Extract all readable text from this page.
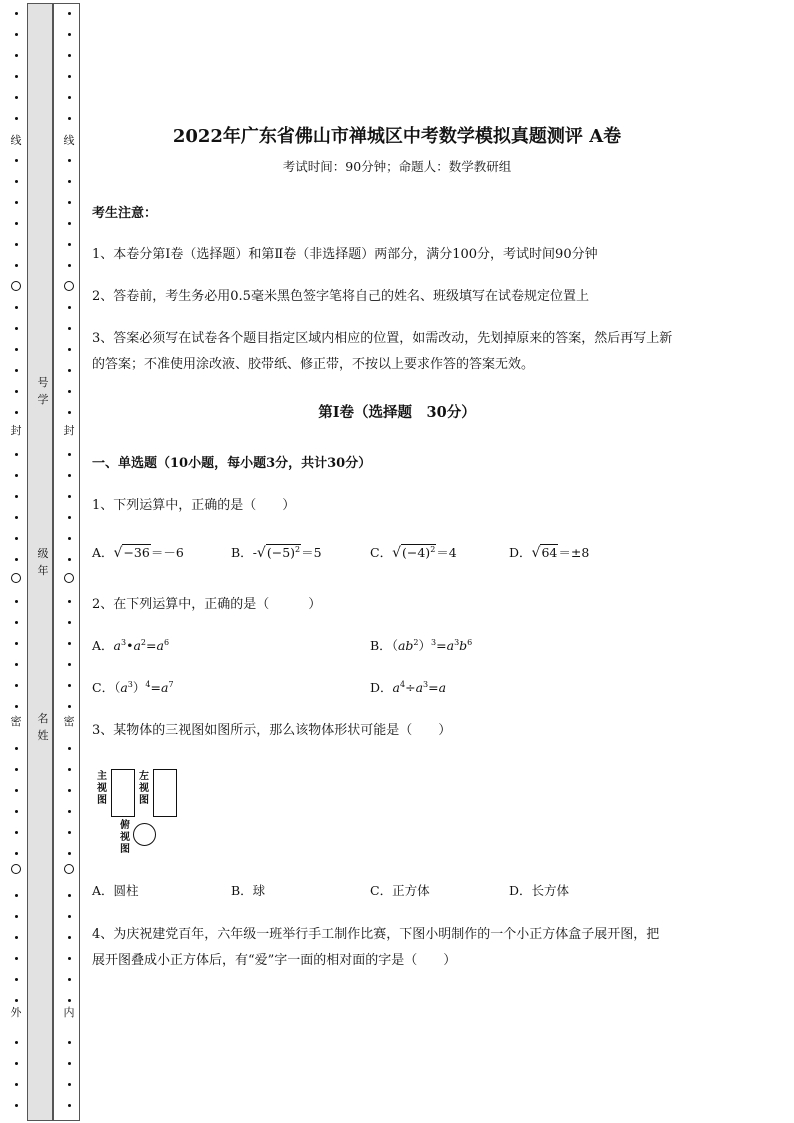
线
封
密
外
线
封
密
内
号
学
级
年
名
姓
2022年广东省佛山市禅城区中考数学模拟真题测评 A卷
考试时间：90分钟；命题人：数学教研组
考生注意：
1、本卷分第I卷（选择题）和第Ⅱ卷（非选择题）两部分，满分100分，考试时间90分钟
2、答卷前，考生务必用0.5毫米黑色签字笔将自己的姓名、班级填写在试卷规定位置上
3、答案必须写在试卷各个题目指定区域内相应的位置，如需改动，先划掉原来的答案，然后再写上新
的答案；不准使用涂改液、胶带纸、修正带，不按以上要求作答的答案无效。
第I卷（选择题　30分）
一、单选题（10小题，每小题3分，共计30分）
1、下列运算中，正确的是（　　）
A．√−36＝－6	B．$-√(-5)^2=5$	C．$√(-4)^2=4$	D．√64＝±8
2、在下列运算中，正确的是（　　　）
A．$a^3•a^2=a^6$	B．$(ab^2)^3=a^3b^6$
C．$(a^3)^4=a^7$	D．$a^4\div a^3=a$
3、某物体的三视图如图所示，那么该物体形状可能是（　　）
主
视
图
左
视
图
俯
视
图
A．圆柱	B．球	C．正方体	D．长方体
4、为庆祝建党百年，六年级一班举行手工制作比赛，下图小明制作的一个小正方体盒子展开图，把
展开图叠成小正方体后，有“爱”字一面的相对面的字是（　　）
